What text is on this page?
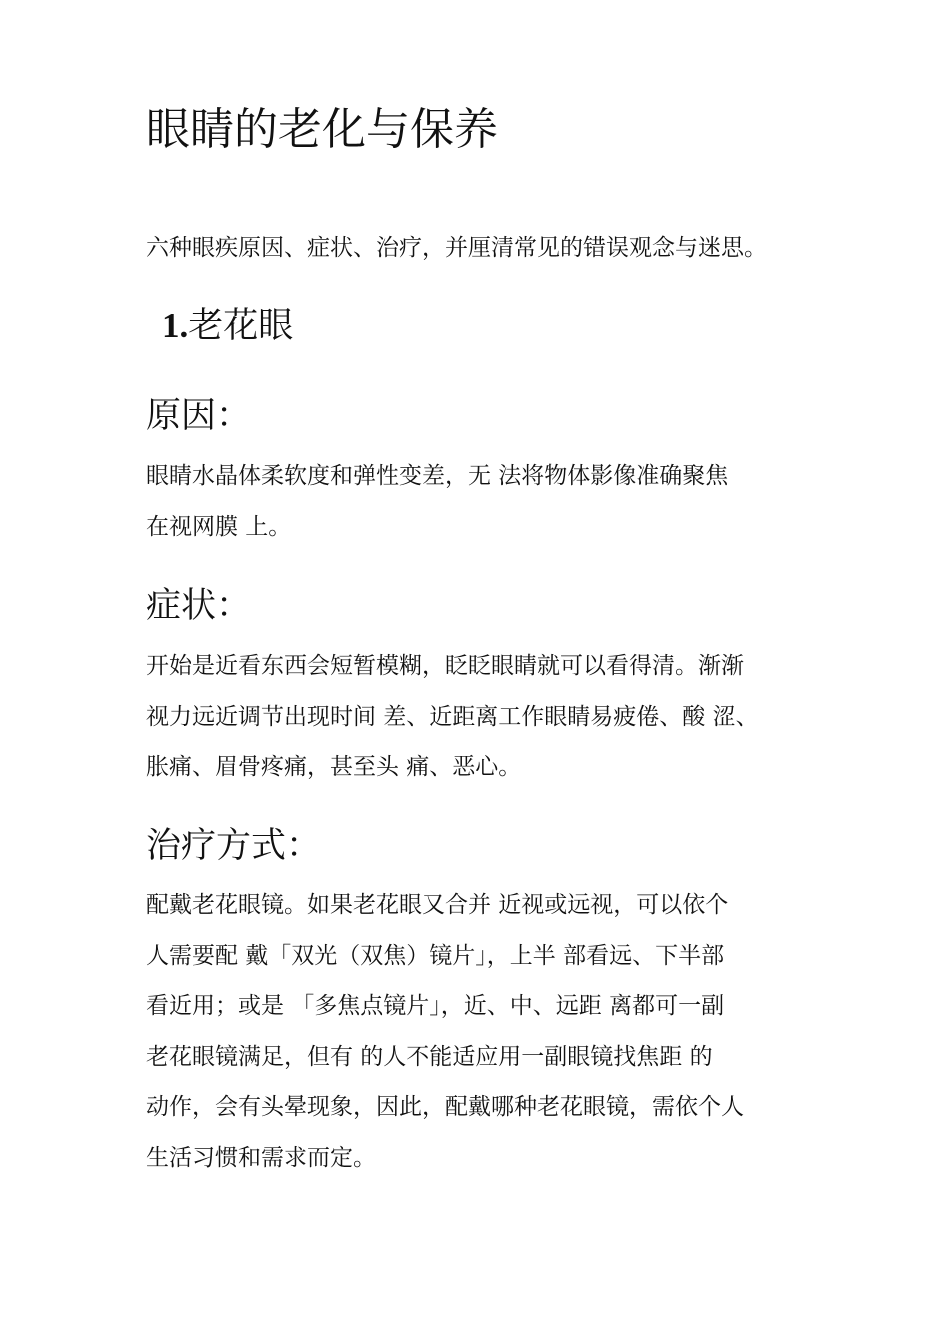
眼睛的老化与保养

六种眼疾原因、症状、治疗，并厘清常见的错误观念与迷思。

1.老花眼
原因：
眼睛水晶体柔软度和弹性变差，无 法将物体影像准确聚焦
在视网膜 上。
症状：
开始是近看东西会短暂模糊，眨眨眼睛就可以看得清。渐渐
视力远近调节出现时间 差、近距离工作眼睛易疲倦、酸 涩、
胀痛、眉骨疼痛，甚至头 痛、恶心。
治疗方式：
配戴老花眼镜。如果老花眼又合并 近视或远视，可以依个
人需要配 戴「双光（双焦）镜片」，上半 部看远、下半部
看近用；或是 「多焦点镜片」，近、中、远距 离都可一副
老花眼镜满足，但有 的人不能适应用一副眼镜找焦距 的
动作，会有头晕现象，因此，配戴哪种老花眼镜，需依个人
生活习惯和需求而定。
